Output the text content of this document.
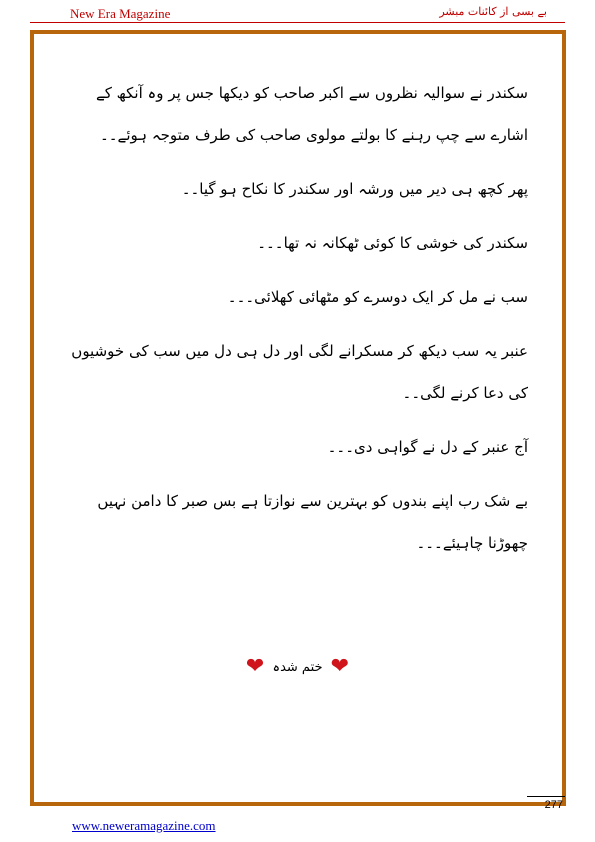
New Era Magazine	بے بسی از کائنات مبشر

سکندر نے سوالیہ نظروں سے اکبر صاحب کو دیکھا جس پر وہ آنکھ کے اشارے سے چپ رہنے کا بولتے مولوی صاحب کی طرف متوجہ ہوئے۔۔

پھر کچھ ہی دیر میں ورشہ اور سکندر کا نکاح ہو گیا۔۔

سکندر کی خوشی کا کوئی ٹھکانہ نہ تھا۔۔۔

سب نے مل کر ایک دوسرے کو مٹھائی کھلائی۔۔۔

عنبر یہ سب دیکھ کر مسکرانے لگی اور دل ہی دل میں سب کی خوشیوں کی دعا کرنے لگی۔۔

آج عنبر کے دل نے گواہی دی۔۔۔

بے شک رب اپنے بندوں کو بہترین سے نوازتا ہے بس صبر کا دامن نہیں چھوڑنا چاہیئے۔۔۔

❤ ختم شدہ ❤
277
www.neweramagazine.com
